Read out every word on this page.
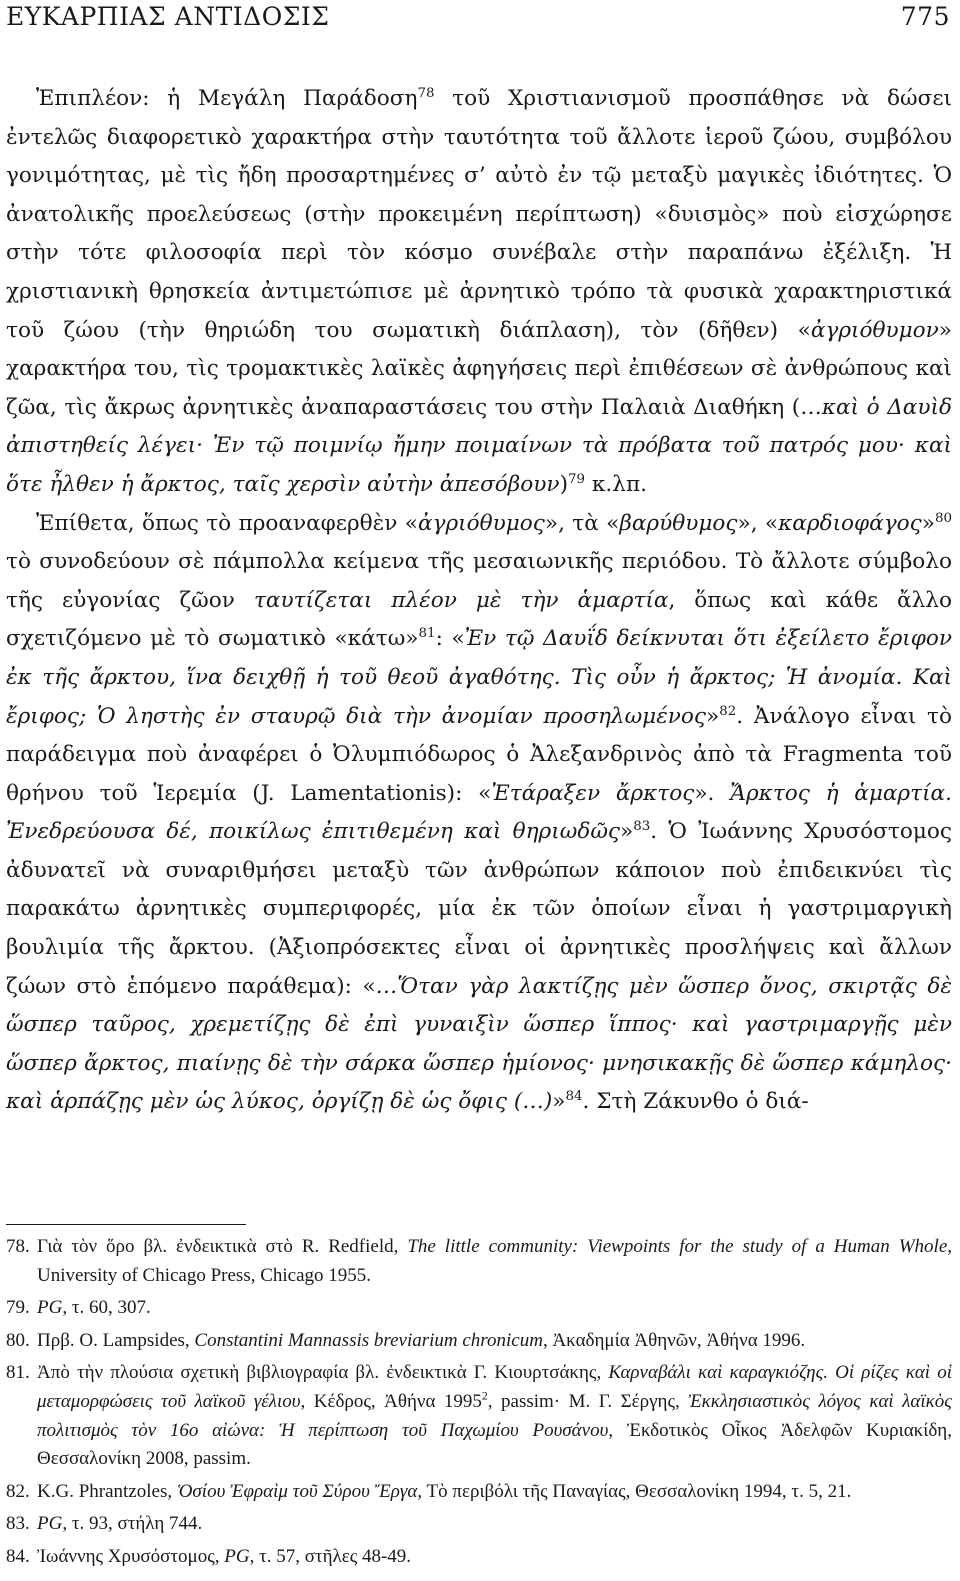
ΕΥΚΑΡΠΙΑΣ ΑΝΤΙΔΟΣΙΣ	775

Ἐπιπλέον: ἡ Μεγάλη Παράδοση$^{78}$ τοῦ Χριστιανισμοῦ προσπάθησε νὰ δώσει ἐντελῶς διαφορετικὸ χαρακτήρα στὴν ταυτότητα τοῦ ἄλλοτε ἱεροῦ ζώου, συμβόλου γονιμότητας, μὲ τὶς ἤδη προσαρτημένες σ’ αὐτὸ ἐν τῷ μεταξὺ μαγικὲς ἰδιότητες. Ὁ ἀνατολικῆς προελεύσεως (στὴν προκειμένη περίπτωση) «δυισμὸς» ποὺ εἰσχώρησε στὴν τότε φιλοσοφία περὶ τὸν κόσμο συνέβαλε στὴν παραπάνω ἐξέλιξη. Ἡ χριστιανικὴ θρησκεία ἀντιμετώπισε μὲ ἀρνητικὸ τρόπο τὰ φυσικὰ χαρακτηριστικά τοῦ ζώου (τὴν θηριώδη του σωματικὴ διάπλαση), τὸν (δῆθεν) «ἀγριόθυμον» χαρακτήρα του, τὶς τρομακτικὲς λαϊκὲς ἀφηγήσεις περὶ ἐπιθέσεων σὲ ἀνθρώπους καὶ ζῶα, τὶς ἄκρως ἀρνητικὲς ἀναπαραστάσεις του στὴν Παλαιὰ Διαθήκη (…καὶ ὁ Δαυὶδ ἀπιστηθείς λέγει· Ἐν τῷ ποιμνίῳ ἤμην ποιμαίνων τὰ πρόβατα τοῦ πατρός μου· καὶ ὅτε ἦλθεν ἡ ἄρκτος, ταῖς χερσὶν αὐτὴν ἀπεσόβουν)$^{79}$ κ.λπ.

Ἐπίθετα, ὅπως τὸ προαναφερθὲν «ἀγριόθυμος», τὰ «βαρύθυμος», «καρδιοφάγος»$^{80}$ τὸ συνοδεύουν σὲ πάμπολλα κείμενα τῆς μεσαιωνικῆς περιόδου. Τὸ ἄλλοτε σύμβολο τῆς εὐγονίας ζῶον ταυτίζεται πλέον μὲ τὴν ἁμαρτία, ὅπως καὶ κάθε ἄλλο σχετιζόμενο μὲ τὸ σωματικὸ «κάτω»$^{81}$: «Ἐν τῷ Δαυΐδ δείκνυται ὅτι ἐξείλετο ἔριφον ἐκ τῆς ἄρκτου, ἵνα δειχθῇ ἡ τοῦ θεοῦ ἀγαθότης. Τὶς οὖν ἡ ἄρκτος; Ἡ ἀνομία. Καὶ ἔριφος; Ὁ ληστὴς ἐν σταυρῷ διὰ τὴν ἀνομίαν προσηλωμένος»$^{82}$. Ἀνάλογο εἶναι τὸ παράδειγμα ποὺ ἀναφέρει ὁ Ὀλυμπιόδωρος ὁ Ἀλεξανδρινὸς ἀπὸ τὰ Fragmenta τοῦ θρήνου τοῦ Ἱερεμία (J. Lamentationis): «Ἐτάραξεν ἄρκτος». Ἄρκτος ἡ ἁμαρτία. Ἐνεδρεύουσα δέ, ποικίλως ἐπιτιθεμένη καὶ θηριωδῶς»$^{83}$. Ὁ Ἰωάννης Χρυσόστομος ἀδυνατεῖ νὰ συναριθμήσει μεταξὺ τῶν ἀνθρώπων κάποιον ποὺ ἐπιδεικνύει τὶς παρακάτω ἀρνητικὲς συμπεριφορές, μία ἐκ τῶν ὁποίων εἶναι ἡ γαστριμαργικὴ βουλιμία τῆς ἄρκτου. (Ἀξιοπρόσεκτες εἶναι οἱ ἀρνητικὲς προσλήψεις καὶ ἄλλων ζώων στὸ ἑπόμενο παράθεμα): «…Ὅταν γὰρ λακτίζῃς μὲν ὥσπερ ὄνος, σκιρτᾷς δὲ ὥσπερ ταῦρος, χρεμετίζῃς δὲ ἐπὶ γυναιξὶν ὥσπερ ἵππος· καὶ γαστριμαργῇς μὲν ὥσπερ ἄρκτος, πιαίνῃς δὲ τὴν σάρκα ὥσπερ ἡμίονος· μνησικακῇς δὲ ὥσπερ κάμηλος· καὶ ἁρπάζῃς μὲν ὡς λύκος, ὀργίζῃ δὲ ὡς ὄφις (…)»$^{84}$. Στὴ Ζάκυνθο ὁ διά-

78. Γιὰ τὸν ὅρο βλ. ἐνδεικτικὰ στὸ R. Redfield, The little community: Viewpoints for the study of a Human Whole, University of Chicago Press, Chicago 1955.
79. PG, τ. 60, 307.
80. Πρβ. O. Lampsides, Constantini Mannassis breviarium chronicum, Ἀκαδημία Ἀθηνῶν, Ἀθήνα 1996.
81. Ἀπὸ τὴν πλούσια σχετικὴ βιβλιογραφία βλ. ἐνδεικτικὰ Γ. Κιουρτσάκης, Καρναβάλι καὶ καραγκιόζης. Οἱ ρίζες καὶ οἱ μεταμορφώσεις τοῦ λαϊκοῦ γέλιου, Κέδρος, Ἀθήνα 1995$^2$, passim· Μ. Γ. Σέργης, Ἐκκλησιαστικὸς λόγος καὶ λαϊκὸς πολιτισμὸς τὸν 16ο αἰώνα: Ἡ περίπτωση τοῦ Παχωμίου Ρουσάνου, Ἐκδοτικὸς Οἶκος Ἀδελφῶν Κυριακίδη, Θεσσαλονίκη 2008, passim.
82. K.G. Phrantzoles, Ὁσίου Ἐφραὶμ τοῦ Σύρου Ἔργα, Τὸ περιβόλι τῆς Παναγίας, Θεσσαλονίκη 1994, τ. 5, 21.
83. PG, τ. 93, στήλη 744.
84. Ἰωάννης Χρυσόστομος, PG, τ. 57, στῆλες 48-49.
